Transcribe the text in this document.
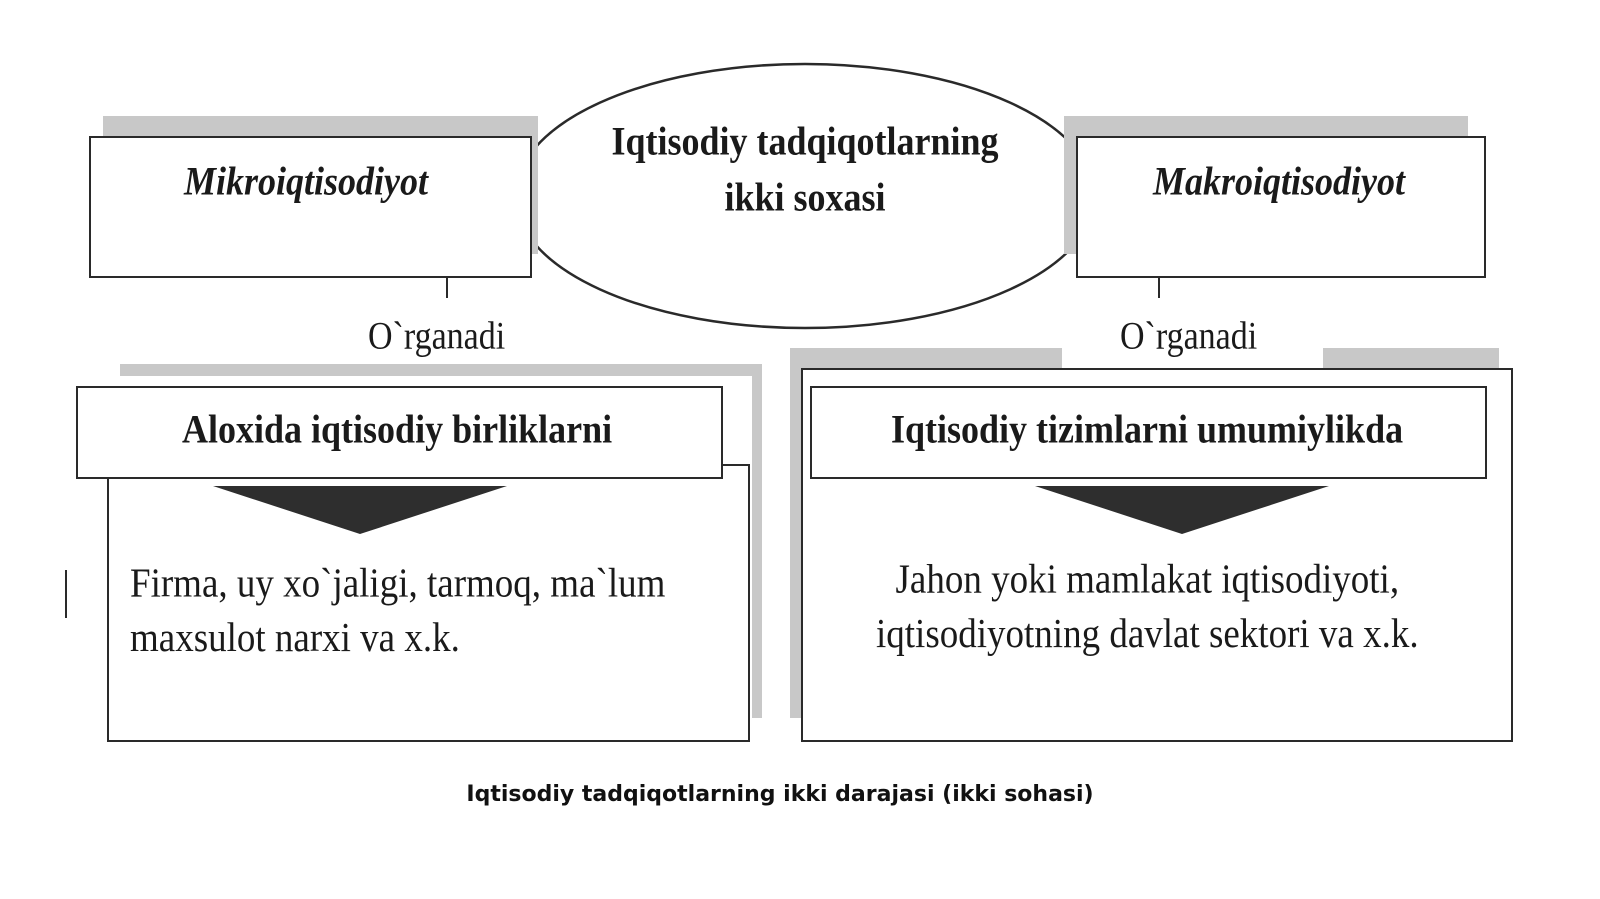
Mikroiqtisodiyot	Makroiqtisodiyot
Iqtisodiy tadqiqotlarning
ikki soxasi
O`rganadi	O`rganadi
Aloxida iqtisodiy birliklarni
Firma, uy xo`jaligi, tarmoq, ma`lum
maxsulot narxi va x.k.
Iqtisodiy tizimlarni umumiylikda
Jahon yoki mamlakat iqtisodiyoti,
iqtisodiyotning davlat sektori va x.k.
Iqtisodiy tadqiqotlarning ikki darajasi (ikki sohasi)
